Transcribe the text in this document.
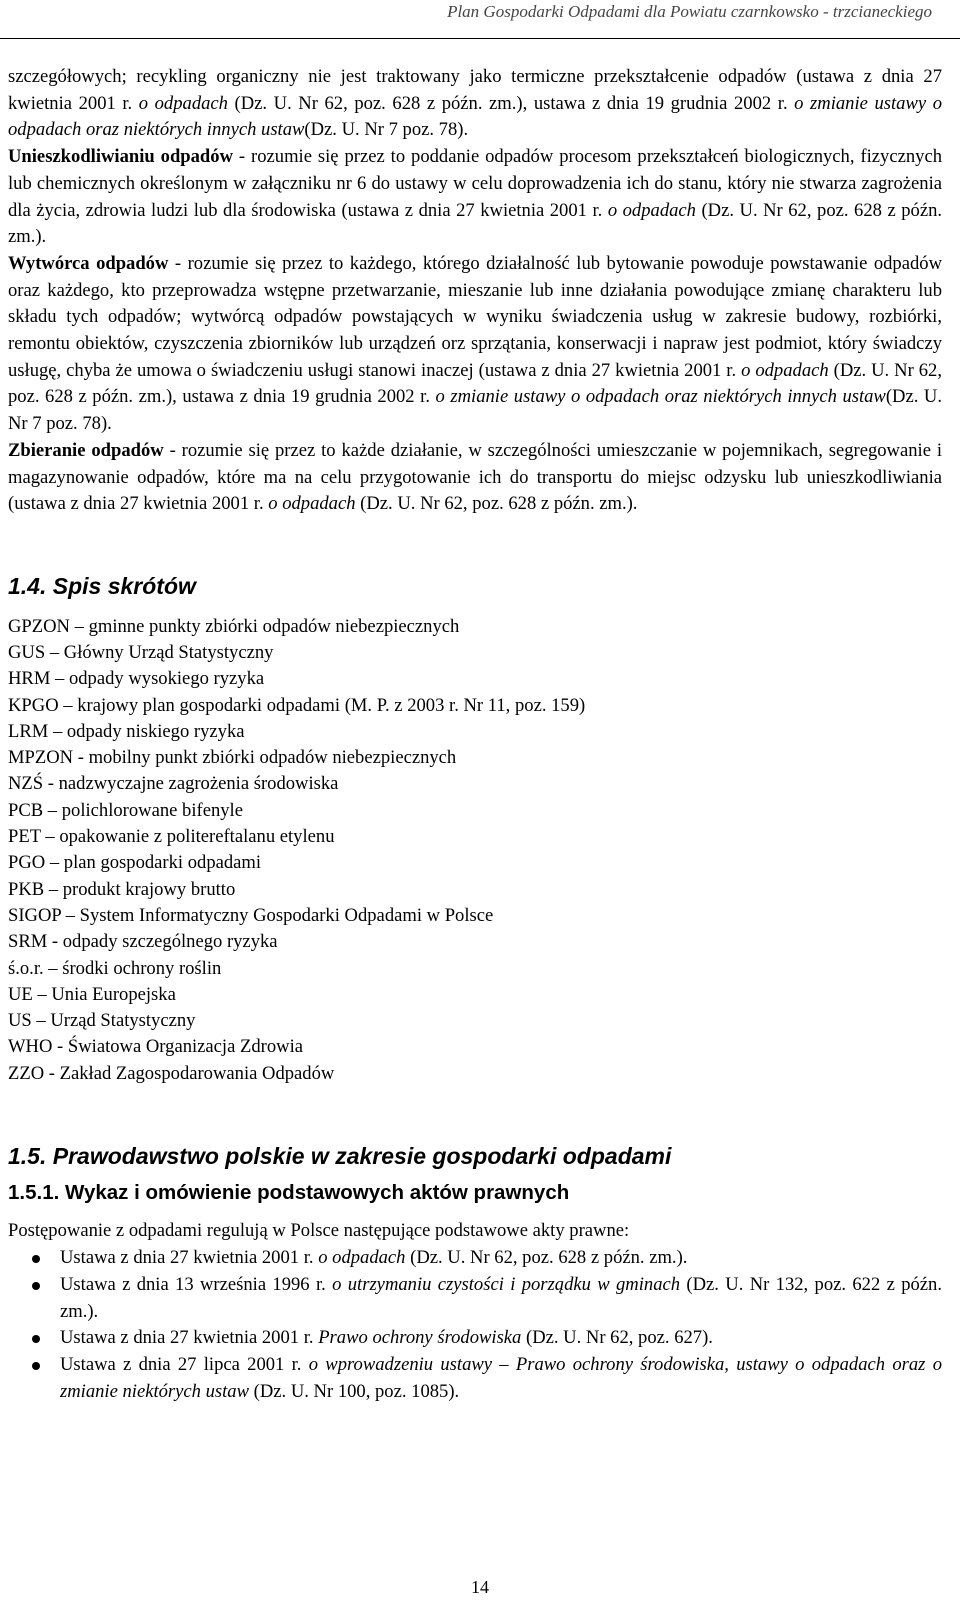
Plan Gospodarki Odpadami dla Powiatu czarnkowsko - trzcianeckiego

szczegółowych; recykling organiczny nie jest traktowany jako termiczne przekształcenie odpadów (ustawa z dnia 27 kwietnia 2001 r. o odpadach (Dz. U. Nr 62, poz. 628 z późn. zm.), ustawa z dnia 19 grudnia 2002 r. o zmianie ustawy o odpadach oraz niektórych innych ustaw(Dz. U. Nr 7 poz. 78).

Unieszkodliwianiu odpadów - rozumie się przez to poddanie odpadów procesom przekształceń biologicznych, fizycznych lub chemicznych określonym w załączniku nr 6 do ustawy w celu doprowadzenia ich do stanu, który nie stwarza zagrożenia dla życia, zdrowia ludzi lub dla środowiska (ustawa z dnia 27 kwietnia 2001 r. o odpadach (Dz. U. Nr 62, poz. 628 z późn. zm.).

Wytwórca odpadów - rozumie się przez to każdego, którego działalność lub bytowanie powoduje powstawanie odpadów oraz każdego, kto przeprowadza wstępne przetwarzanie, mieszanie lub inne działania powodujące zmianę charakteru lub składu tych odpadów; wytwórcą odpadów powstających w wyniku świadczenia usług w zakresie budowy, rozbiórki, remontu obiektów, czyszczenia zbiorników lub urządzeń orz sprzątania, konserwacji i napraw jest podmiot, który świadczy usługę, chyba że umowa o świadczeniu usługi stanowi inaczej (ustawa z dnia 27 kwietnia 2001 r. o odpadach (Dz. U. Nr 62, poz. 628 z późn. zm.), ustawa z dnia 19 grudnia 2002 r. o zmianie ustawy o odpadach oraz niektórych innych ustaw(Dz. U. Nr 7 poz. 78).

Zbieranie odpadów - rozumie się przez to każde działanie, w szczególności umieszczanie w pojemnikach, segregowanie i magazynowanie odpadów, które ma na celu przygotowanie ich do transportu do miejsc odzysku lub unieszkodliwiania (ustawa z dnia 27 kwietnia 2001 r. o odpadach (Dz. U. Nr 62, poz. 628 z późn. zm.).

1.4. Spis skrótów
GPZON – gminne punkty zbiórki odpadów niebezpiecznych
GUS – Główny Urząd Statystyczny
HRM – odpady wysokiego ryzyka
KPGO – krajowy plan gospodarki odpadami (M. P. z 2003 r. Nr 11, poz. 159)
LRM – odpady niskiego ryzyka
MPZON - mobilny punkt zbiórki odpadów niebezpiecznych
NZŚ - nadzwyczajne zagrożenia środowiska
PCB – polichlorowane bifenyle
PET – opakowanie z politereftalanu etylenu
PGO – plan gospodarki odpadami
PKB – produkt krajowy brutto
SIGOP – System Informatyczny Gospodarki Odpadami w Polsce
SRM - odpady szczególnego ryzyka
ś.o.r. – środki ochrony roślin
UE – Unia Europejska
US – Urząd Statystyczny
WHO - Światowa Organizacja Zdrowia
ZZO - Zakład Zagospodarowania Odpadów
1.5. Prawodawstwo polskie w zakresie gospodarki odpadami
1.5.1. Wykaz i omówienie podstawowych aktów prawnych

Postępowanie z odpadami regulują w Polsce następujące podstawowe akty prawne:

Ustawa z dnia 27 kwietnia 2001 r. o odpadach (Dz. U. Nr 62, poz. 628 z późn. zm.).
Ustawa z dnia 13 września 1996 r. o utrzymaniu czystości i porządku w gminach (Dz. U. Nr 132, poz. 622 z późn. zm.).
Ustawa z dnia 27 kwietnia 2001 r. Prawo ochrony środowiska (Dz. U. Nr 62, poz. 627).
Ustawa z dnia 27 lipca 2001 r. o wprowadzeniu ustawy – Prawo ochrony środowiska, ustawy o odpadach oraz o zmianie niektórych ustaw (Dz. U. Nr 100, poz. 1085).
14
